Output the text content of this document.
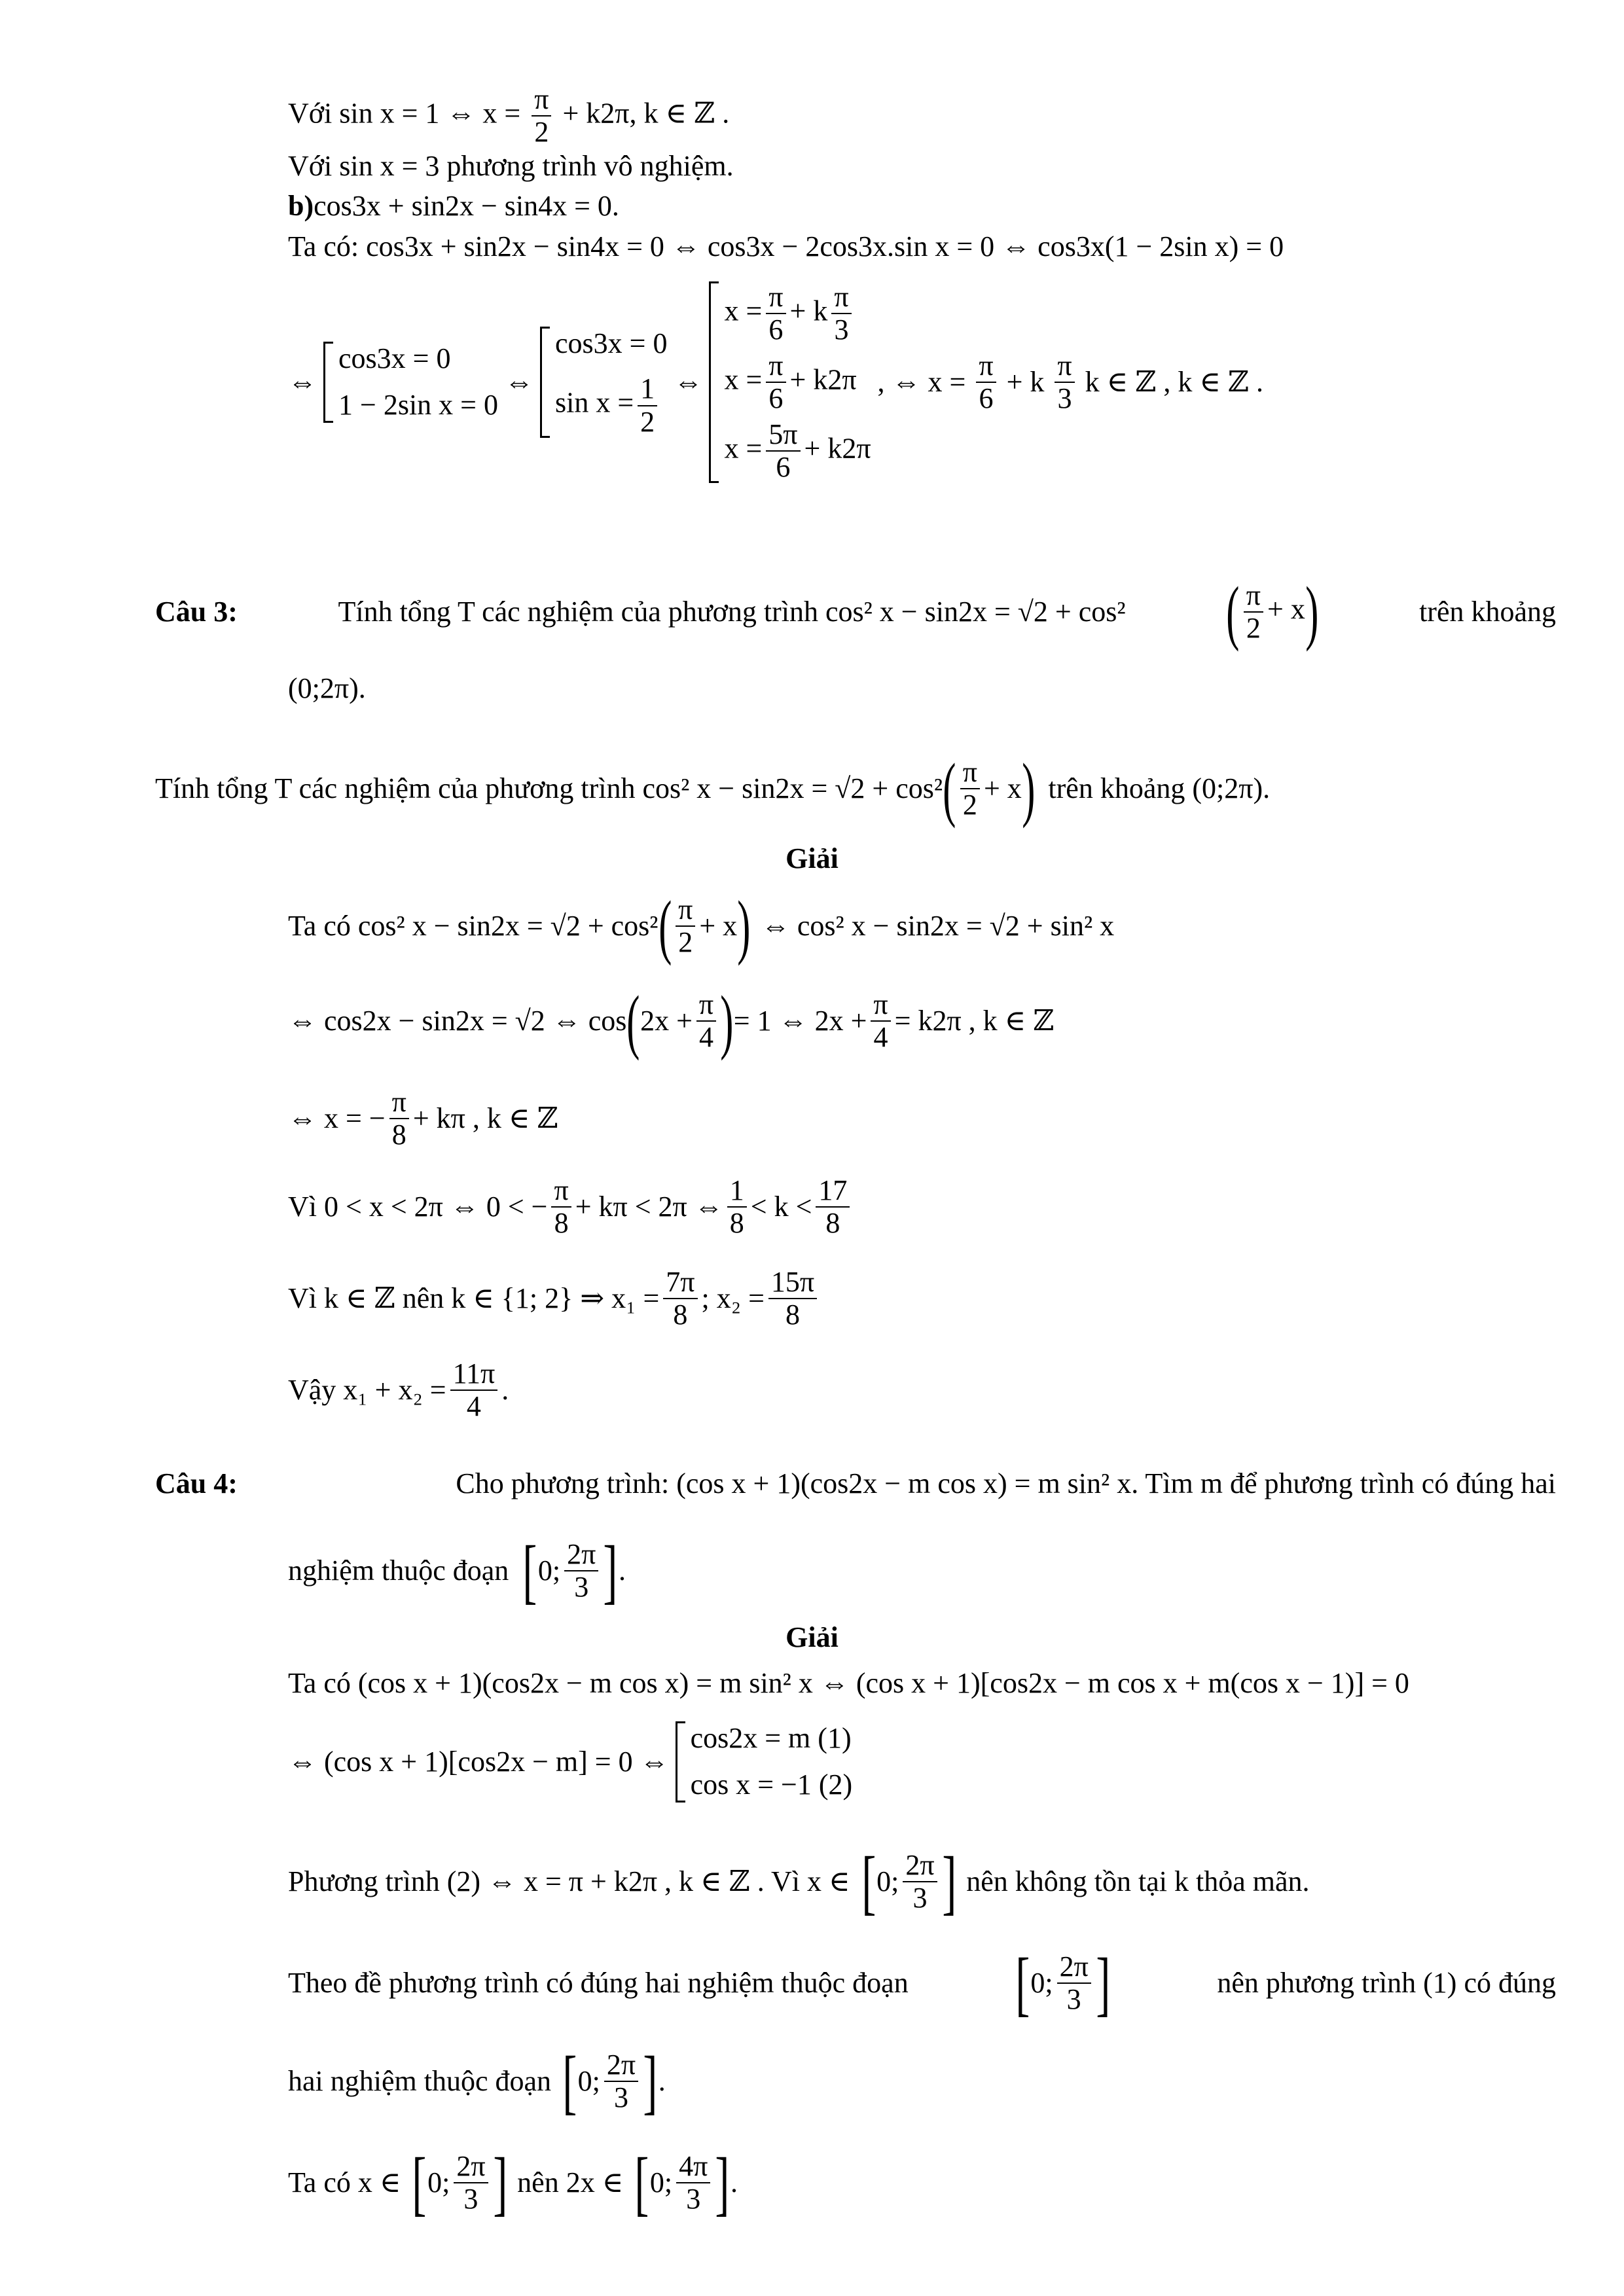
Với sin x = 1 ⇔ $x = \frac{\pi}{2} + k2\pi$, k ∈ ℤ .
Với sin x = 3 phương trình vô nghiệm.
b)cos3x + sin2x − sin4x = 0.
Ta có: cos3x + sin2x − sin4x = 0 ⇔ cos3x − 2cos3x.sin x = 0 ⇔ cos3x(1 − 2sin x) = 0
⇔
cos3x = 0
1 − 2sin x = 0
⇔
cos3x = 0
$\sin x = \frac{1}{2}$ ⇔
$x = \frac{\pi}{6} + k \frac{\pi}{3}$
$x = \frac{\pi}{6} + k2\pi$
$x = \frac{5\pi}{6} + k2\pi$
, ⇔ $x = \frac{\pi}{6} + k \frac{\pi}{3}$ k ∈ ℤ , k ∈ ℤ .
Câu 3:	Tính tổng T các nghiệm của phương trình cos² x − sin2x = √2 + cos² ( $\frac{\pi}{2} + x$)	trên khoảng
(0;2π).
Tính tổng T các nghiệm của phương trình cos² x − sin2x = √2 + cos² ( $\frac{\pi}{2} + x$ ) trên khoảng (0;2π).
Giải
Ta có cos² x − sin2x = √2 + cos² ( $\frac{\pi}{2} + x$ ) ⇔ cos² x − sin2x = √2 + sin² x
⇔ cos2x − sin2x = √2 ⇔ cos ( $2x + \frac{\pi}{4}$ ) = 1 ⇔ $2x + \frac{\pi}{4} = k2\pi$ , k ∈ ℤ
⇔ x = − $\frac{\pi}{8} + k\pi$ , k ∈ ℤ
Vì 0 < x < 2π ⇔ 0 < − $\frac{\pi}{8} + k\pi < 2\pi$ ⇔ $\frac{1}{8} < k < \frac{17}{8}$
Vì k ∈ ℤ nên k ∈ {1; 2} ⇒ $x_1 = \frac{7\pi}{8}$ ; $x_2 = \frac{15\pi}{8}$
Vậy $x_1 + x_2 = \frac{11\pi}{4}$ .
Câu 4:	Cho phương trình: (cos x + 1)(cos2x − m cos x) = m sin² x. Tìm m để phương trình có đúng hai
nghiệm thuộc đoạn [ 0; $\frac{2\pi}{3}$ ] .
Giải
Ta có (cos x + 1)(cos2x − m cos x) = m sin² x ⇔ (cos x + 1)[cos2x − m cos x + m(cos x − 1)] = 0
⇔ (cos x + 1)[cos2x − m] = 0 ⇔
cos2x = m (1)
cos x = −1 (2)
Phương trình (2) ⇔ x = π + k2π , k ∈ ℤ . Vì x ∈ [ 0; $\frac{2\pi}{3}$ ] nên không tồn tại k thỏa mãn.
Theo đề phương trình có đúng hai nghiệm thuộc đoạn [ 0; $\frac{2\pi}{3}$ ]	nên phương trình (1) có đúng
hai nghiệm thuộc đoạn [ 0; $\frac{2\pi}{3}$ ] .
Ta có x ∈ [ 0; $\frac{2\pi}{3}$ ] nên 2x ∈ [ 0; $\frac{4\pi}{3}$ ] .
